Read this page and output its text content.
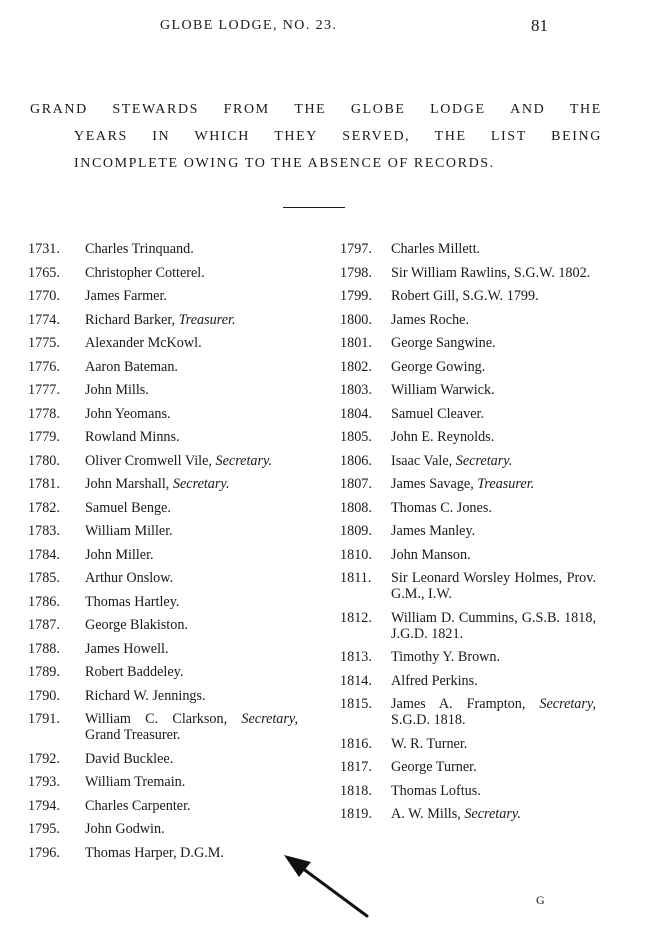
GLOBE LODGE, NO. 23.	81
GRAND STEWARDS FROM THE GLOBE LODGE AND THE
YEARS IN WHICH THEY SERVED, THE LIST BEING
INCOMPLETE OWING TO THE ABSENCE OF RECORDS.
1731.	Charles Trinquand.
1765.	Christopher Cotterel.
1770.	James Farmer.
1774.	Richard Barker, Treasurer.
1775.	Alexander McKowl.
1776.	Aaron Bateman.
1777.	John Mills.
1778.	John Yeomans.
1779.	Rowland Minns.
1780.	Oliver Cromwell Vile, Secretary.
1781.	John Marshall, Secretary.
1782.	Samuel Benge.
1783.	William Miller.
1784.	John Miller.
1785.	Arthur Onslow.
1786.	Thomas Hartley.
1787.	George Blakiston.
1788.	James Howell.
1789.	Robert Baddeley.
1790.	Richard W. Jennings.
1791.	William C. Clarkson, Secretary, Grand Treasurer.
1792.	David Bucklee.
1793.	William Tremain.
1794.	Charles Carpenter.
1795.	John Godwin.
1796.	Thomas Harper, D.G.M.
1797.	Charles Millett.
1798.	Sir William Rawlins, S.G.W. 1802.
1799.	Robert Gill, S.G.W. 1799.
1800.	James Roche.
1801.	George Sangwine.
1802.	George Gowing.
1803.	William Warwick.
1804.	Samuel Cleaver.
1805.	John E. Reynolds.
1806.	Isaac Vale, Secretary.
1807.	James Savage, Treasurer.
1808.	Thomas C. Jones.
1809.	James Manley.
1810.	John Manson.
1811.	Sir Leonard Worsley Holmes, Prov. G.M., I.W.
1812.	William D. Cummins, G.S.B. 1818, J.G.D. 1821.
1813.	Timothy Y. Brown.
1814.	Alfred Perkins.
1815.	James A. Frampton, Secretary, S.G.D. 1818.
1816.	W. R. Turner.
1817.	George Turner.
1818.	Thomas Loftus.
1819.	A. W. Mills, Secretary.
G
